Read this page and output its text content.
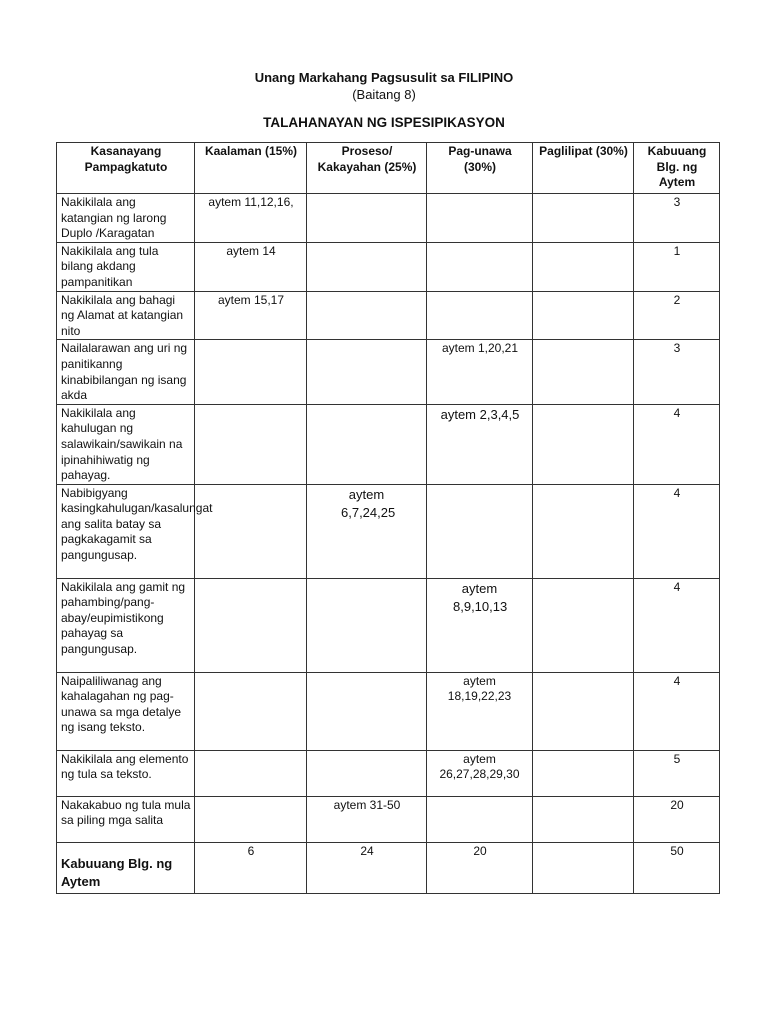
Unang Markahang Pagsusulit sa FILIPINO
(Baitang 8)
TALAHANAYAN NG ISPESIPIKASYON
Kasanayang Pampagkatuto	Kaalaman (15%)	Proseso/ Kakayahan (25%)	Pag-unawa (30%)	Paglilipat (30%)	Kabuuang Blg. ng Aytem
Nakikilala ang katangian ng larong Duplo /Karagatan	aytem 11,12,16,				3
Nakikilala ang tula bilang akdang pampanitikan	aytem 14				1
Nakikilala ang bahagi ng Alamat at katangian nito	aytem 15,17				2
Nailalarawan ang uri ng panitikanng kinabibilangan ng isang akda			aytem 1,20,21		3
Nakikilala ang kahulugan ng salawikain/sawikain na ipinahihiwatig ng pahayag.			aytem 2,3,4,5		4
Nabibigyang kasingkahulugan/kasalungat ang salita batay sa pagkakagamit sa pangungusap.		aytem 6,7,24,25			4
Nakikilala ang gamit ng pahambing/pang-abay/eupimistikong pahayag sa pangungusap.			aytem 8,9,10,13		4
Naipaliliwanag ang kahalagahan ng pag-unawa sa mga detalye ng isang teksto.			aytem 18,19,22,23		4
Nakikilala ang elemento ng tula sa teksto.			aytem 26,27,28,29,30		5
Nakakabuo ng tula mula sa piling mga salita		aytem 31-50			20
Kabuuang Blg. ng Aytem	6	24	20		50
